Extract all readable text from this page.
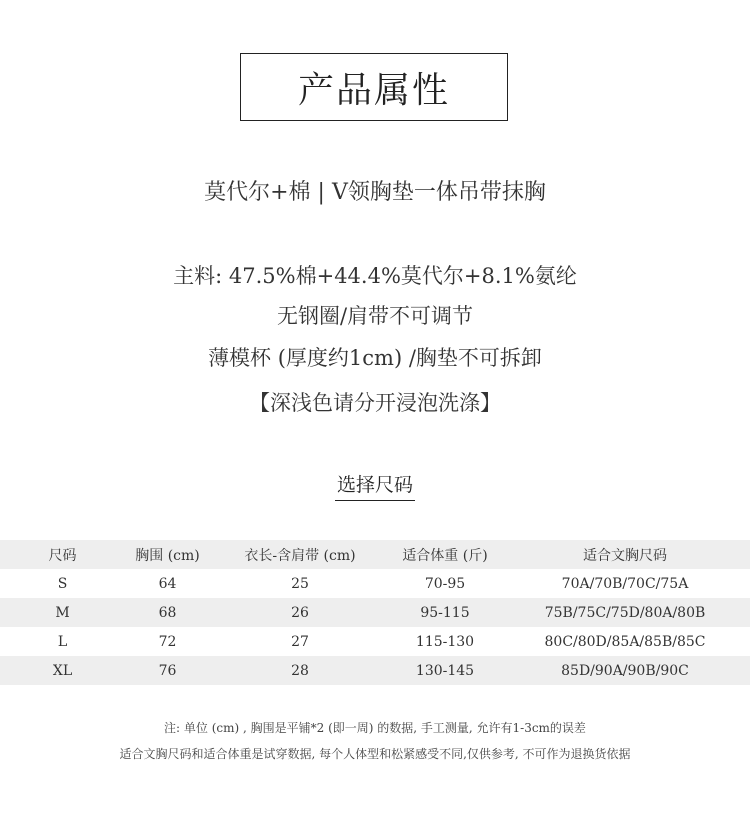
产品属性
莫代尔+棉 | V领胸垫一体吊带抹胸
主料: 47.5%棉+44.4%莫代尔+8.1%氨纶
无钢圈/肩带不可调节
薄模杯 (厚度约1cm) /胸垫不可拆卸
【深浅色请分开浸泡洗涤】
选择尺码
尺码	胸围 (cm)	衣长-含肩带 (cm)	适合体重 (斤)	适合文胸尺码
S	64	25	70-95	70A/70B/70C/75A
M	68	26	95-115	75B/75C/75D/80A/80B
L	72	27	115-130	80C/80D/85A/85B/85C
XL	76	28	130-145	85D/90A/90B/90C
注: 单位 (cm) , 胸围是平铺*2 (即一周) 的数据, 手工测量, 允许有1-3cm的误差
适合文胸尺码和适合体重是试穿数据, 每个人体型和松紧感受不同,仅供参考, 不可作为退换货依据
